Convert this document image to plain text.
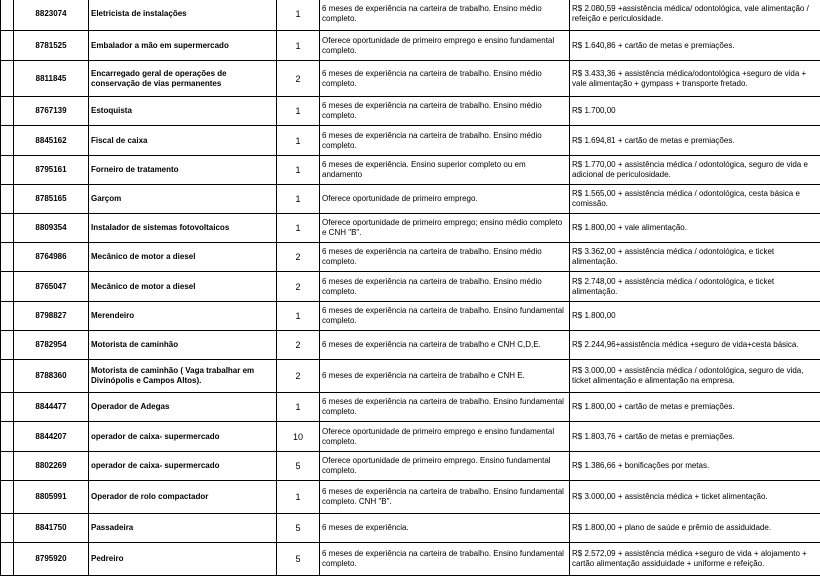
	8823074	Eletricista de instalações	1	6 meses de experiência na carteira de trabalho. Ensino médio completo.	R$ 2.080,59 +assistência médica/ odontológica, vale alimentação / refeição e periculosidade.
	8781525	Embalador a mão em supermercado	1	Oferece oportunidade de primeiro emprego e ensino fundamental completo.	R$ 1.640,86 + cartão de metas e premiações.
	8811845	Encarregado geral de operações de conservação de vias permanentes	2	6 meses de experiência na carteira de trabalho. Ensino médio completo.	R$ 3.433,36 + assistência médica/odontológica +seguro de vida + vale alimentação + gympass + transporte fretado.
	8767139	Estoquista	1	6 meses de experiência na carteira de trabalho. Ensino médio completo.	R$ 1.700,00
	8845162	Fiscal de caixa	1	6 meses de experiência na carteira de trabalho. Ensino médio completo.	R$ 1.694,81 + cartão de metas e premiações.
	8795161	Forneiro de tratamento	1	6 meses de experiência. Ensino superior completo ou em andamento	R$ 1.770,00 + assistência médica / odontológica, seguro de vida e adicional de periculosidade.
	8785165	Garçom	1	Oferece oportunidade de primeiro emprego.	R$ 1.565,00 + assistência médica / odontológica, cesta básica e comissão.
	8809354	Instalador de sistemas fotovoltaicos	1	Oferece oportunidade de primeiro emprego; ensino médio completo e CNH "B".	R$ 1.800,00 + vale alimentação.
	8764986	Mecânico de motor a diesel	2	6 meses de experiência na carteira de trabalho. Ensino médio completo.	R$ 3.362,00 + assistência médica / odontológica, e ticket alimentação.
	8765047	Mecânico de motor a diesel	2	6 meses de experiência na carteira de trabalho. Ensino médio completo.	R$ 2.748,00 + assistência médica / odontológica, e ticket alimentação.
	8798827	Merendeiro	1	6 meses de experiência na carteira de trabalho. Ensino fundamental completo.	R$ 1.800,00
	8782954	Motorista de caminhão	2	6 meses de experiência na carteira de trabalho e CNH C,D,E.	R$ 2.244,96+assistência médica +seguro de vida+cesta básica.
	8788360	Motorista de caminhão ( Vaga trabalhar em Divinópolis e Campos Altos).	2	6 meses de experiência na carteira de trabalho e CNH E.	R$ 3.000,00 + assistência médica / odontológica, seguro de vida, ticket alimentação e alimentação na empresa.
	8844477	Operador de Adegas	1	6 meses de experiência na carteira de trabalho. Ensino fundamental completo.	R$ 1.800,00 + cartão de metas e premiações.
	8844207	operador de caixa- supermercado	10	Oferece oportunidade de primeiro emprego e ensino fundamental completo.	R$ 1.803,76 + cartão de metas e premiações.
	8802269	operador de caixa- supermercado	5	Oferece oportunidade de primeiro emprego. Ensino fundamental completo.	R$ 1.386,66 + bonificações por metas.
	8805991	Operador de rolo compactador	1	6 meses de experiência na carteira de trabalho. Ensino fundamental completo. CNH "B".	R$ 3.000,00 + assistência médica + ticket alimentação.
	8841750	Passadeira	5	6 meses de experiência.	R$ 1.800,00 + plano de saúde e prêmio de assiduidade.
	8795920	Pedreiro	5	6 meses de experiência na carteira de trabalho. Ensino fundamental completo.	R$ 2.572,09 + assistência médica +seguro de vida + alojamento + cartão alimentação assiduidade + uniforme e refeição.
